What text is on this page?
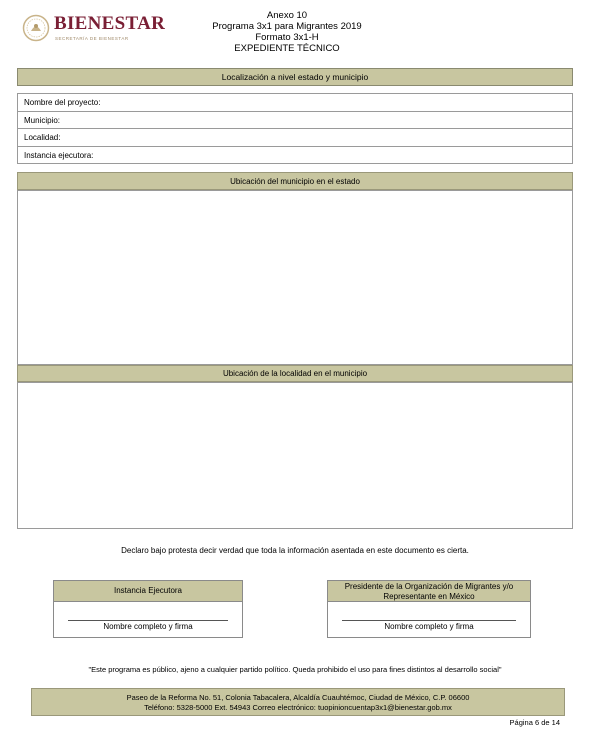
BIENESTAR
SECRETARÍA DE BIENESTAR
Anexo 10
Programa 3x1 para Migrantes 2019
Formato 3x1-H
EXPEDIENTE TÉCNICO
Localización a nivel estado y municipio
Nombre del proyecto:
Municipio:
Localidad:
Instancia ejecutora:
Ubicación del municipio en el estado
Ubicación de la localidad en el municipio
Declaro bajo protesta decir verdad que toda la información asentada en este documento es cierta.
Instancia Ejecutora
Nombre completo y firma
Presidente de la Organización de Migrantes y/o
Representante en México
Nombre completo y firma
"Este programa es público, ajeno a cualquier partido político. Queda prohibido el uso para fines distintos al desarrollo social"
Paseo de la Reforma No. 51, Colonia Tabacalera, Alcaldía Cuauhtémoc, Ciudad de México, C.P. 06600
Teléfono: 5328-5000 Ext. 54943 Correo electrónico: tuopinioncuentap3x1@bienestar.gob.mx
Página 6 de 14
